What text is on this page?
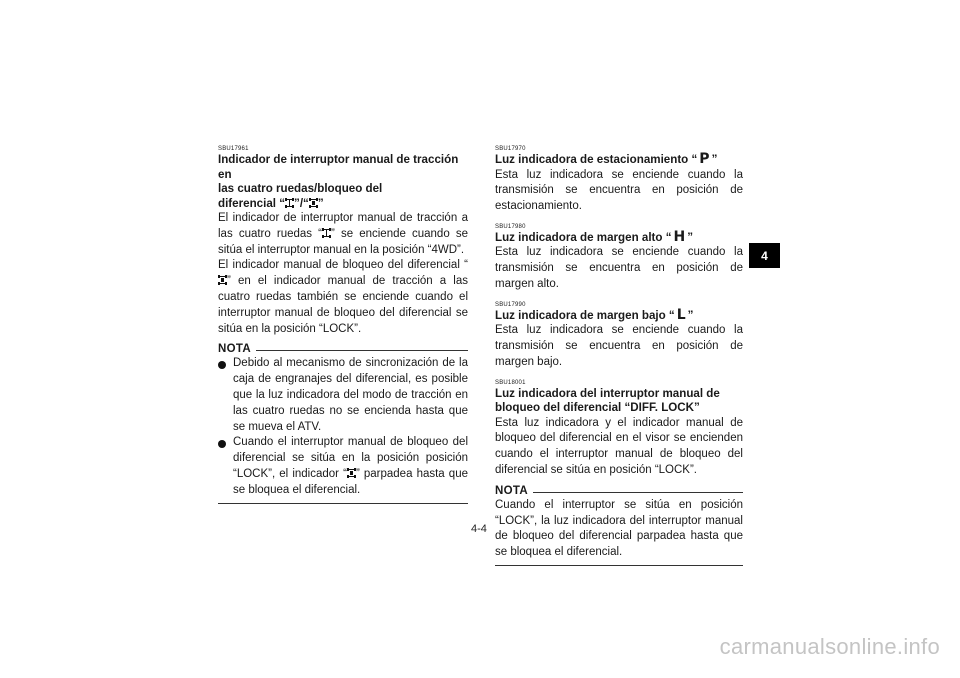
SBU17961

Indicador de interruptor manual de tracción en
las cuatro ruedas/bloqueo del
diferencial “ ”/“ ”

El indicador de interruptor manual de tracción a las cuatro ruedas “ ” se enciende cuando se sitúa el interruptor manual en la posición “4WD”.

El indicador manual de bloqueo del diferencial “” en el indicador manual de tracción a las cuatro ruedas también se enciende cuando el interruptor manual de bloqueo del diferencial se sitúa en la posición “LOCK”.

NOTA
Debido al mecanismo de sincronización de la caja de engranajes del diferencial, es posible que la luz indicadora del modo de tracción en las cuatro ruedas no se encienda hasta que se mueva el ATV.
Cuando el interruptor manual de bloqueo del diferencial se sitúa en la posición posición “LOCK”, el indicador “ ” parpadea hasta que se bloquea el diferencial.

SBU17970

Luz indicadora de estacionamiento “ P ”

Esta luz indicadora se enciende cuando la transmisión se encuentra en posición de estacionamiento.

SBU17980

Luz indicadora de margen alto “ H ”

Esta luz indicadora se enciende cuando la transmisión se encuentra en posición de margen alto.

SBU17990

Luz indicadora de margen bajo “ L ”

Esta luz indicadora se enciende cuando la transmisión se encuentra en posición de margen bajo.

SBU18001

Luz indicadora del interruptor manual de bloqueo del diferencial “DIFF. LOCK”

Esta luz indicadora y el indicador manual de bloqueo del diferencial en el visor se encienden cuando el interruptor manual de bloqueo del diferencial se sitúa en posición “LOCK”.

NOTA

Cuando el interruptor se sitúa en posición “LOCK”, la luz indicadora del interruptor manual de bloqueo del diferencial parpadea hasta que se bloquea el diferencial.

4
4-4
carmanualsonline.info
